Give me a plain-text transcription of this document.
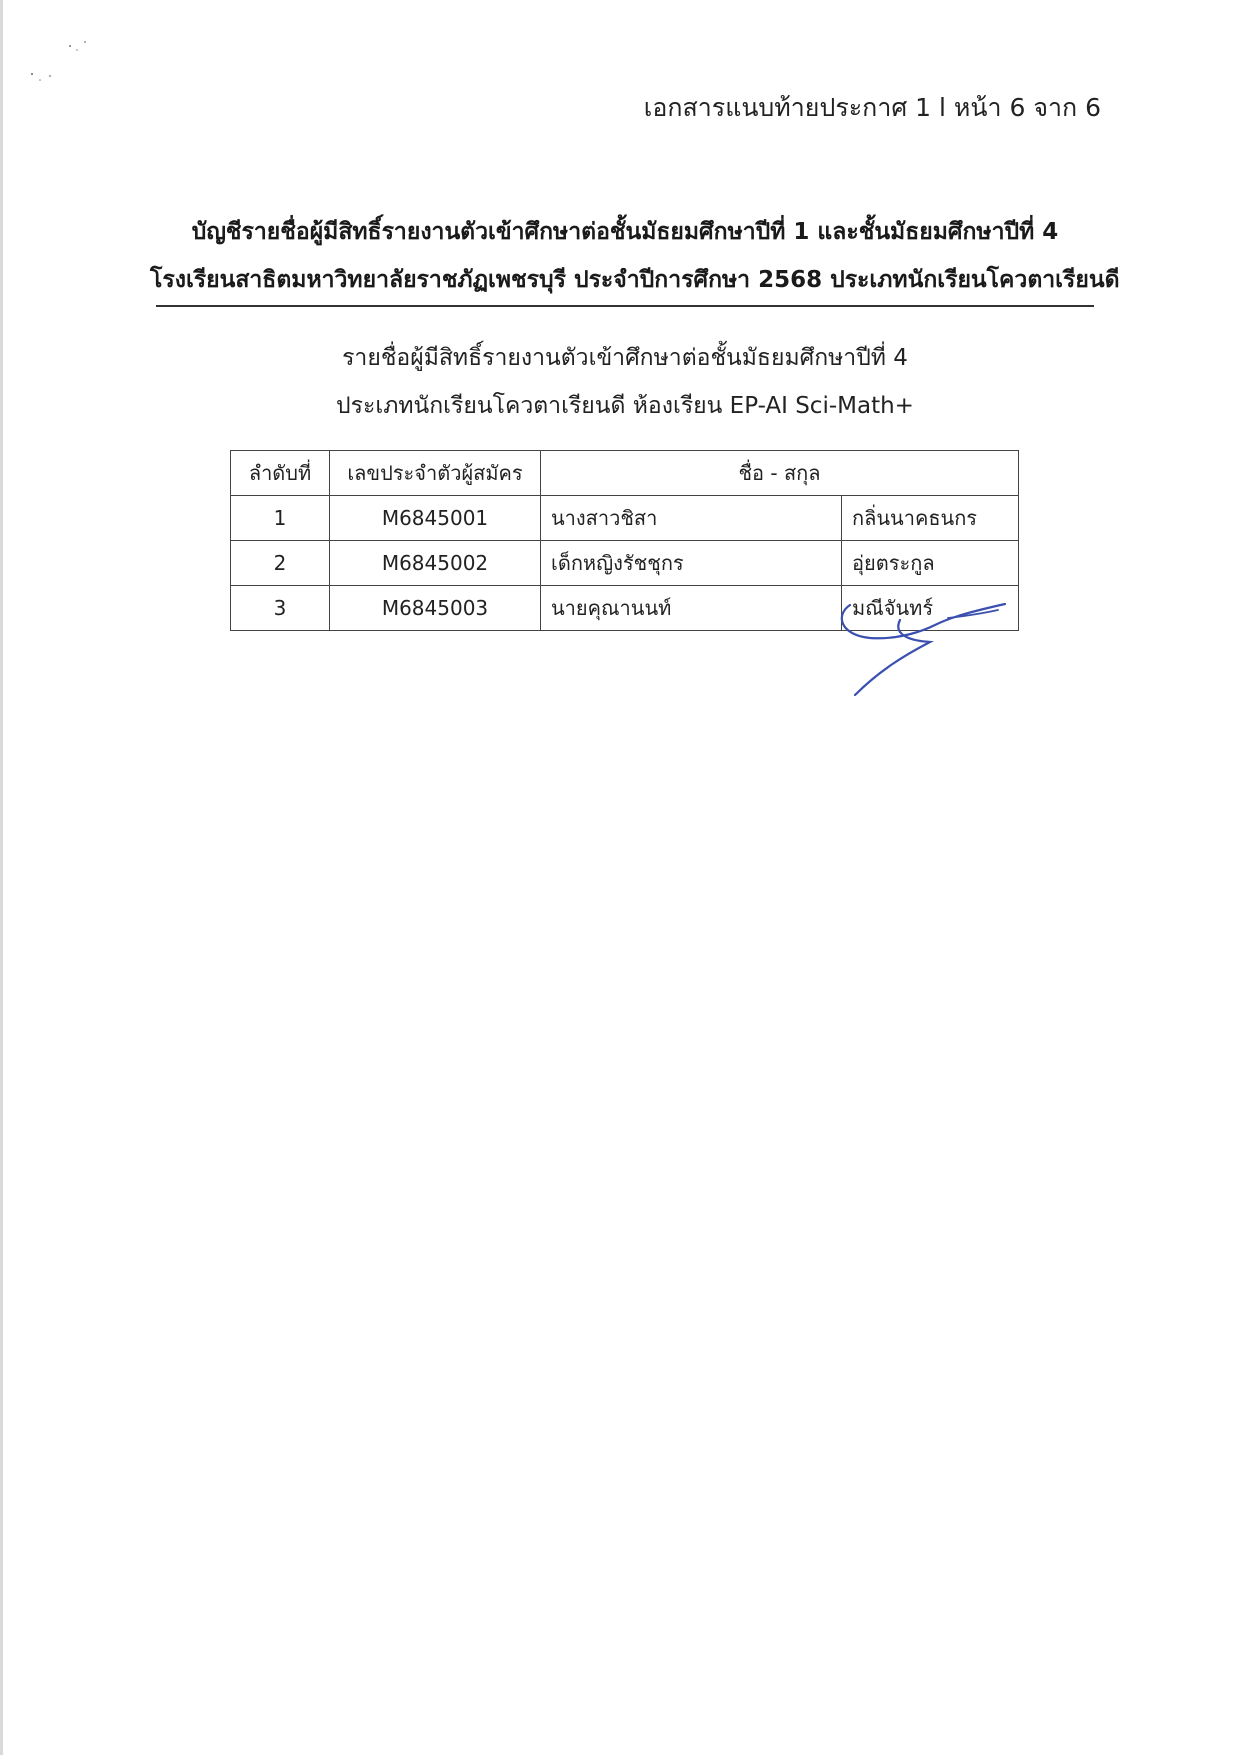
เอกสารแนบท้ายประกาศ 1 l หน้า 6 จาก 6
บัญชีรายชื่อผู้มีสิทธิ์รายงานตัวเข้าศึกษาต่อชั้นมัธยมศึกษาปีที่ 1 และชั้นมัธยมศึกษาปีที่ 4
โรงเรียนสาธิตมหาวิทยาลัยราชภัฏเพชรบุรี ประจำปีการศึกษา 2568 ประเภทนักเรียนโควตาเรียนดี
รายชื่อผู้มีสิทธิ์รายงานตัวเข้าศึกษาต่อชั้นมัธยมศึกษาปีที่ 4
ประเภทนักเรียนโควตาเรียนดี ห้องเรียน EP-AI Sci-Math+
ลำดับที่	เลขประจำตัวผู้สมัคร	ชื่อ - สกุล	
1	M6845001	นางสาวชิสา	กลิ่นนาคธนกร
2	M6845002	เด็กหญิงรัชชุกร	อุ่ยตระกูล
3	M6845003	นายคุณานนท์	มณีจันทร์
